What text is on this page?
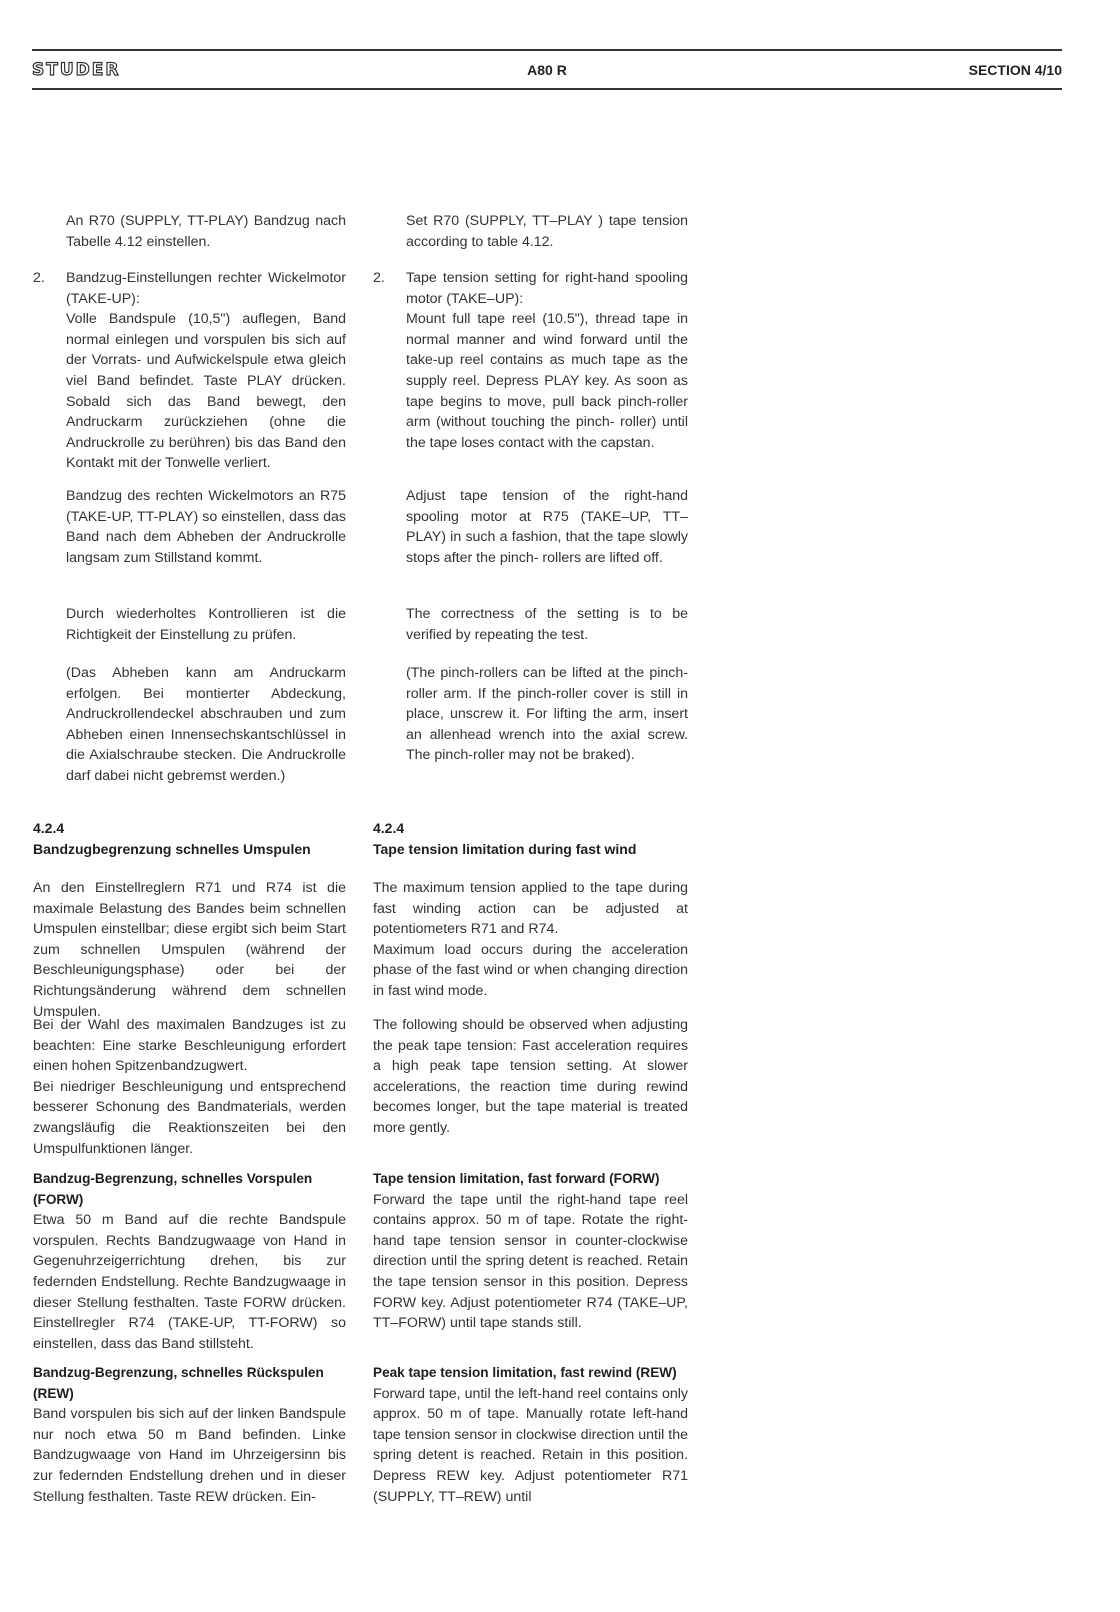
STUDER	A80 R	SECTION 4/10

An R70 (SUPPLY, TT-PLAY) Bandzug nach Tabelle 4.12 einstellen.

2. Bandzug-Einstellungen rechter Wickelmotor (TAKE-UP):

Volle Bandspule (10,5") auflegen, Band normal einlegen und vorspulen bis sich auf der Vorrats- und Aufwickelspule etwa gleich viel Band befindet. Taste PLAY drücken. Sobald sich das Band bewegt, den Andruckarm zurückziehen (ohne die Andruckrolle zu berühren) bis das Band den Kontakt mit der Tonwelle verliert.

Bandzug des rechten Wickelmotors an R75 (TAKE-UP, TT-PLAY) so einstellen, dass das Band nach dem Abheben der Andruckrolle langsam zum Stillstand kommt.

Durch wiederholtes Kontrollieren ist die Richtigkeit der Einstellung zu prüfen.

(Das Abheben kann am Andruckarm erfolgen. Bei montierter Abdeckung, Andruckrollendeckel abschrauben und zum Abheben einen Innensechskantschlüssel in die Axialschraube stecken. Die Andruckrolle darf dabei nicht gebremst werden.)

4.2.4
Bandzugbegrenzung schnelles Umspulen

An den Einstellreglern R71 und R74 ist die maximale Belastung des Bandes beim schnellen Umspulen einstellbar; diese ergibt sich beim Start zum schnellen Umspulen (während der Beschleunigungsphase) oder bei der Richtungsänderung während dem schnellen Umspulen.

Bei der Wahl des maximalen Bandzuges ist zu beachten: Eine starke Beschleunigung erfordert einen hohen Spitzenbandzugwert.

Bei niedriger Beschleunigung und entsprechend besserer Schonung des Bandmaterials, werden zwangsläufig die Reaktionszeiten bei den Umspulfunktionen länger.

Bandzug-Begrenzung, schnelles Vorspulen (FORW)

Etwa 50 m Band auf die rechte Bandspule vorspulen. Rechts Bandzugwaage von Hand in Gegenuhrzeigerrichtung drehen, bis zur federnden Endstellung. Rechte Bandzugwaage in dieser Stellung festhalten. Taste FORW drücken. Einstellregler R74 (TAKE-UP, TT-FORW) so einstellen, dass das Band stillsteht.

Bandzug-Begrenzung, schnelles Rückspulen (REW)

Band vorspulen bis sich auf der linken Bandspule nur noch etwa 50 m Band befinden. Linke Bandzugwaage von Hand im Uhrzeigersinn bis zur federnden Endstellung drehen und in dieser Stellung festhalten. Taste REW drücken. Ein-

Set R70 (SUPPLY, TT–PLAY ) tape tension according to table 4.12.

2. Tape tension setting for right-hand spooling motor (TAKE–UP):

Mount full tape reel (10.5"), thread tape in normal manner and wind forward until the take-up reel contains as much tape as the supply reel. Depress PLAY key. As soon as tape begins to move, pull back pinch-roller arm (without touching the pinch- roller) until the tape loses contact with the capstan.

Adjust tape tension of the right-hand spooling motor at R75 (TAKE–UP, TT–PLAY) in such a fashion, that the tape slowly stops after the pinch- rollers are lifted off.

The correctness of the setting is to be verified by repeating the test.

(The pinch-rollers can be lifted at the pinch-roller arm. If the pinch-roller cover is still in place, unscrew it. For lifting the arm, insert an allenhead wrench into the axial screw. The pinch-roller may not be braked).

4.2.4
Tape tension limitation during fast wind

The maximum tension applied to the tape during fast winding action can be adjusted at potentiometers R71 and R74.

Maximum load occurs during the acceleration phase of the fast wind or when changing direction in fast wind mode.

The following should be observed when adjusting the peak tape tension: Fast acceleration requires a high peak tape tension setting. At slower accelerations, the reaction time during rewind becomes longer, but the tape material is treated more gently.

Tape tension limitation, fast forward (FORW)

Forward the tape until the right-hand tape reel contains approx. 50 m of tape. Rotate the right-hand tape tension sensor in counter-clockwise direction until the spring detent is reached. Retain the tape tension sensor in this position. Depress FORW key. Adjust potentiometer R74 (TAKE–UP, TT–FORW) until tape stands still.

Peak tape tension limitation, fast rewind (REW)

Forward tape, until the left-hand reel contains only approx. 50 m of tape. Manually rotate left-hand tape tension sensor in clockwise direction until the spring detent is reached. Retain in this position. Depress REW key. Adjust potentiometer R71 (SUPPLY, TT–REW) until
